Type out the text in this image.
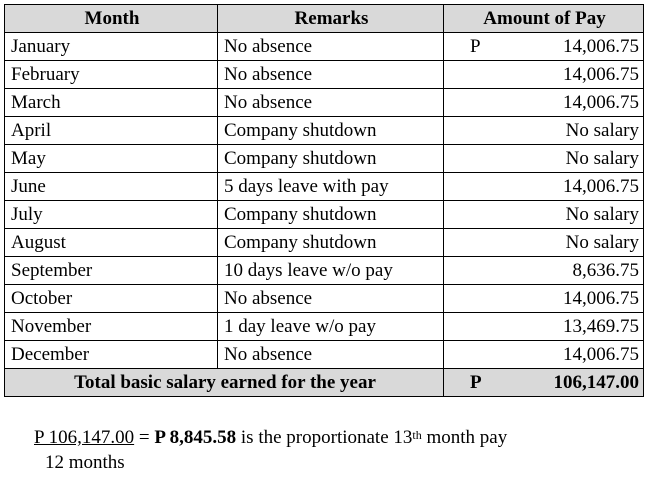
Month	Remarks	Amount of Pay
January	No absence	P 14,006.75
February	No absence	14,006.75
March	No absence	14,006.75
April	Company shutdown	No salary
May	Company shutdown	No salary
June	5 days leave with pay	14,006.75
July	Company shutdown	No salary
August	Company shutdown	No salary
September	10 days leave w/o pay	8,636.75
October	No absence	14,006.75
November	1 day leave w/o pay	13,469.75
December	No absence	14,006.75
Total basic salary earned for the year		P 106,147.00
P 106,147.00 = P 8,845.58 is the proportionate 13th month pay
12 months
